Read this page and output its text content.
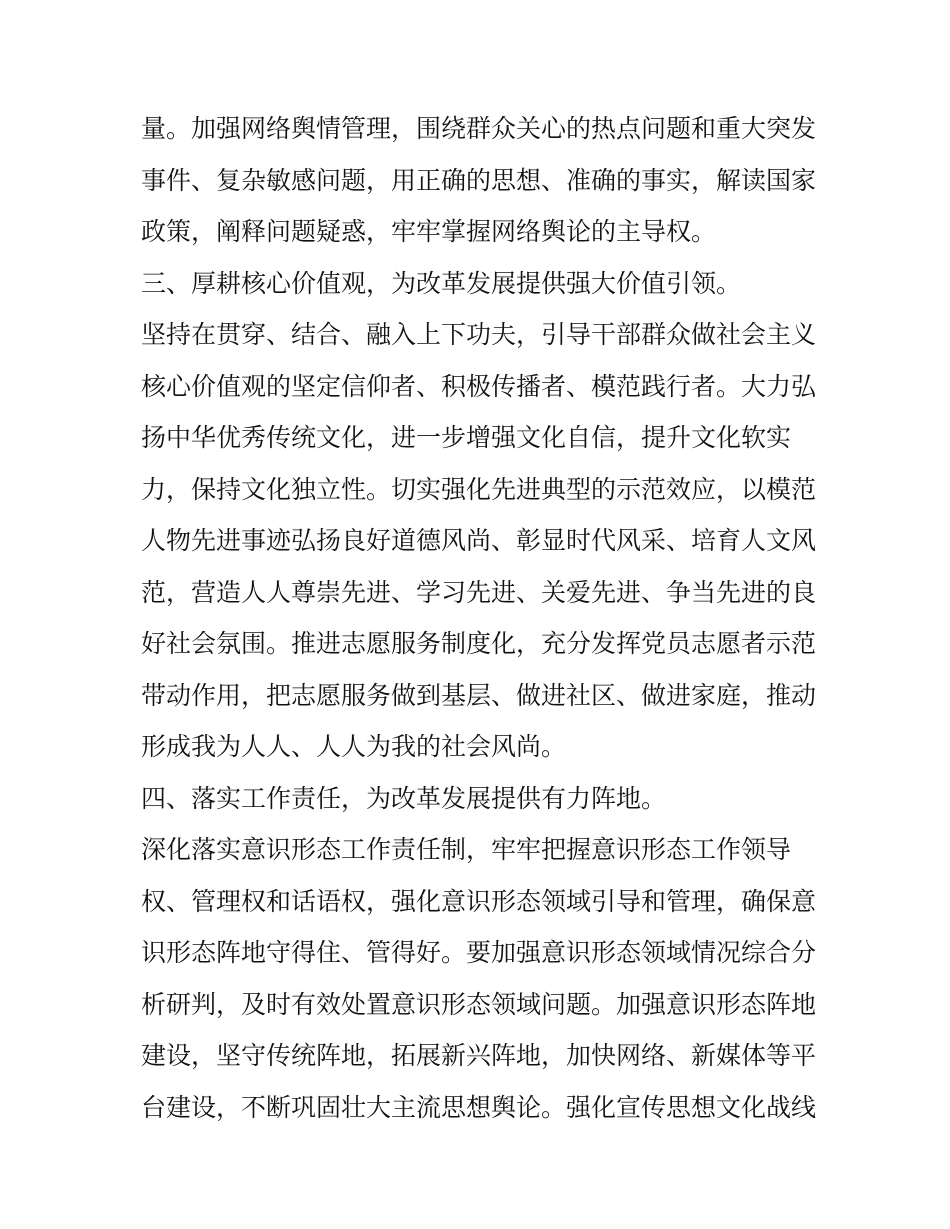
量。加强网络舆情管理，围绕群众关心的热点问题和重大突发
事件、复杂敏感问题，用正确的思想、准确的事实，解读国家
政策，阐释问题疑惑，牢牢掌握网络舆论的主导权。
三、厚耕核心价值观，为改革发展提供强大价值引领。
坚持在贯穿、结合、融入上下功夫，引导干部群众做社会主义
核心价值观的坚定信仰者、积极传播者、模范践行者。大力弘
扬中华优秀传统文化，进一步增强文化自信，提升文化软实
力，保持文化独立性。切实强化先进典型的示范效应，以模范
人物先进事迹弘扬良好道德风尚、彰显时代风采、培育人文风
范，营造人人尊崇先进、学习先进、关爱先进、争当先进的良
好社会氛围。推进志愿服务制度化，充分发挥党员志愿者示范
带动作用，把志愿服务做到基层、做进社区、做进家庭，推动
形成我为人人、人人为我的社会风尚。
四、落实工作责任，为改革发展提供有力阵地。
深化落实意识形态工作责任制，牢牢把握意识形态工作领导
权、管理权和话语权，强化意识形态领域引导和管理，确保意
识形态阵地守得住、管得好。要加强意识形态领域情况综合分
析研判，及时有效处置意识形态领域问题。加强意识形态阵地
建设，坚守传统阵地，拓展新兴阵地，加快网络、新媒体等平
台建设，不断巩固壮大主流思想舆论。强化宣传思想文化战线
